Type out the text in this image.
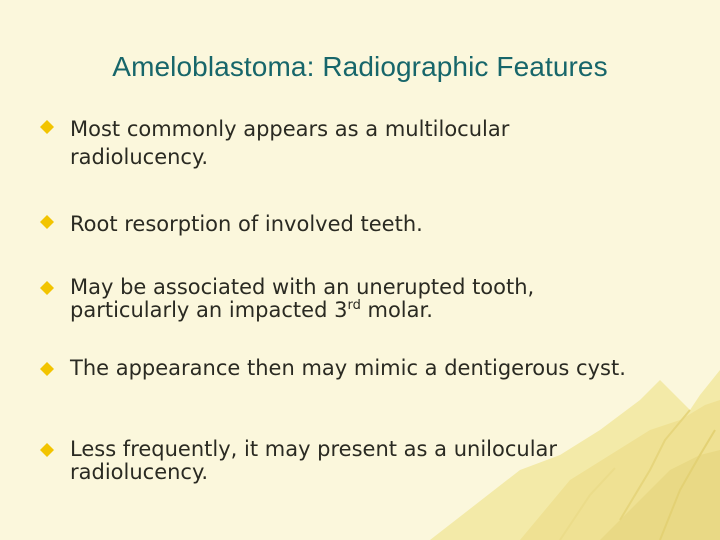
Ameloblastoma: Radiographic Features
Most commonly appears as a multilocular radiolucency.
Root resorption of involved teeth.
May be associated with an unerupted tooth, particularly an impacted 3rd molar.
The appearance then may mimic a dentigerous cyst.
Less frequently, it may present as a unilocular radiolucency.
